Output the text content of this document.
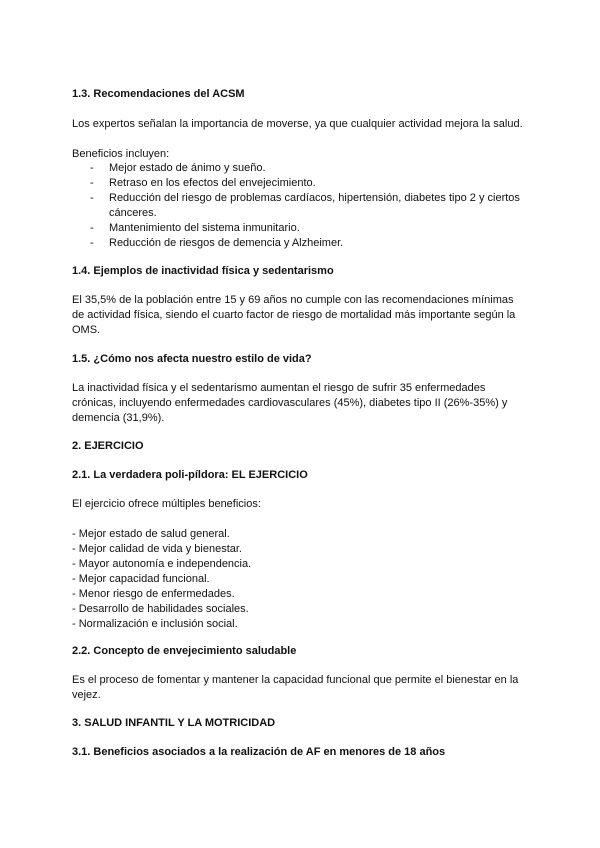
1.3. Recomendaciones del ACSM

Los expertos señalan la importancia de moverse, ya que cualquier actividad mejora la salud.

Beneficios incluyen:

- Mejor estado de ánimo y sueño.
- Retraso en los efectos del envejecimiento.
- Reducción del riesgo de problemas cardíacos, hipertensión, diabetes tipo 2 y ciertos cánceres.
- Mantenimiento del sistema inmunitario.
- Reducción de riesgos de demencia y Alzheimer.
1.4. Ejemplos de inactividad física y sedentarismo

El 35,5% de la población entre 15 y 69 años no cumple con las recomendaciones mínimas de actividad física, siendo el cuarto factor de riesgo de mortalidad más importante según la OMS.

1.5. ¿Cómo nos afecta nuestro estilo de vida?

La inactividad física y el sedentarismo aumentan el riesgo de sufrir 35 enfermedades crónicas, incluyendo enfermedades cardiovasculares (45%), diabetes tipo II (26%-35%) y demencia (31,9%).

2. EJERCICIO
2.1. La verdadera poli-píldora: EL EJERCICIO

El ejercicio ofrece múltiples beneficios:

- Mejor estado de salud general.
- Mejor calidad de vida y bienestar.
- Mayor autonomía e independencia.
- Mejor capacidad funcional.
- Menor riesgo de enfermedades.
- Desarrollo de habilidades sociales.
- Normalización e inclusión social.
2.2. Concepto de envejecimiento saludable

Es el proceso de fomentar y mantener la capacidad funcional que permite el bienestar en la vejez.

3. SALUD INFANTIL Y LA MOTRICIDAD
3.1. Beneficios asociados a la realización de AF en menores de 18 años
